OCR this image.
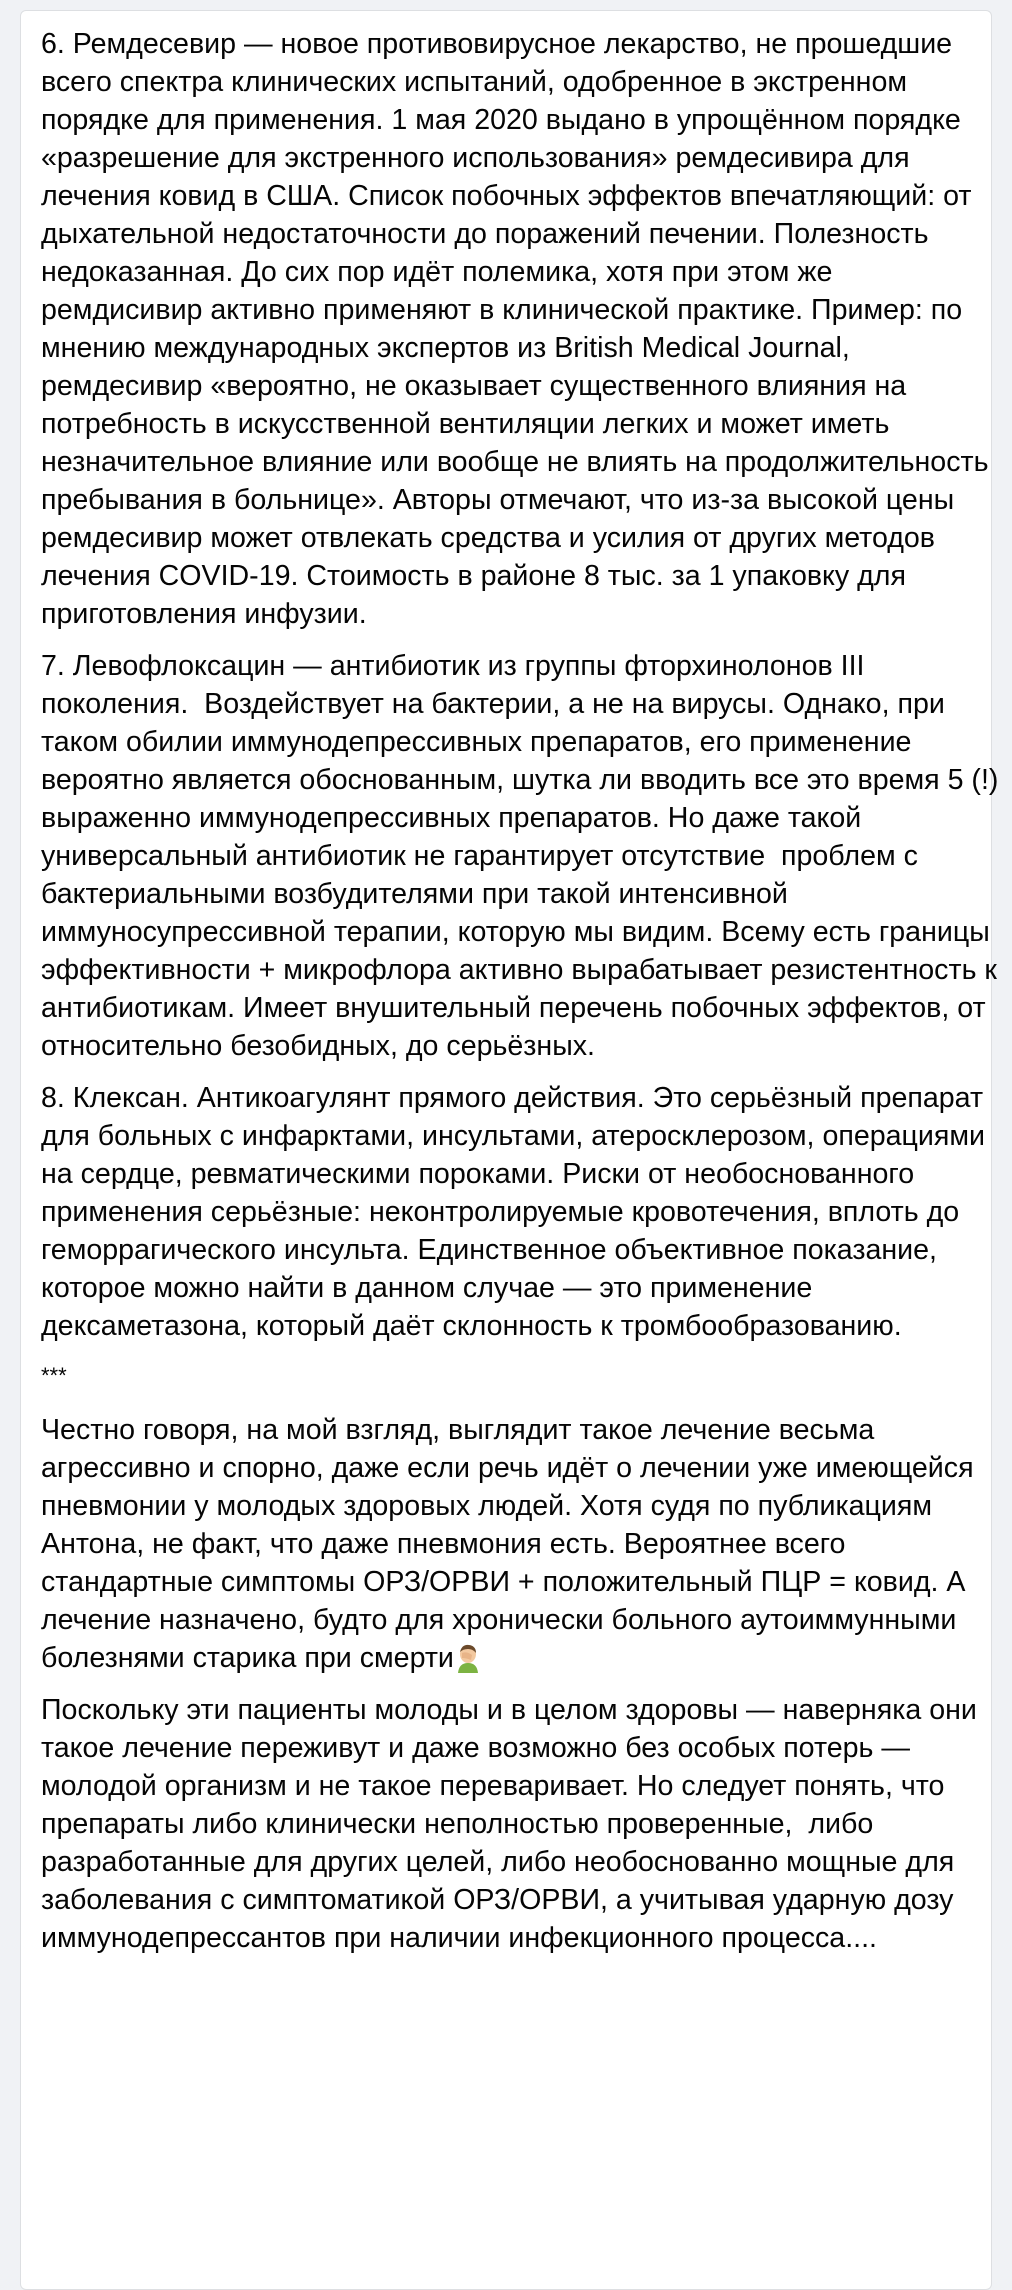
6. Ремдесевир — новое противовирусное лекарство, не прошедшие  всего спектра клинических испытаний, одобренное в экстренном порядке для применения. 1 мая 2020 выдано в упрощённом порядке «разрешение для экстренного использования» ремдесивира для лечения ковид в США. Список побочных эффектов впечатляющий: от дыхательной недостаточности до поражений печении. Полезность недоказанная. До сих пор идёт полемика, хотя при этом же ремдисивир активно применяют в клинической практике. Пример: по мнению международных экспертов из British Medical Journal, ремдесивир «вероятно, не оказывает существенного влияния на потребность в искусственной вентиляции легких и может иметь незначительное влияние или вообще не влиять на продолжительность пребывания в больнице». Авторы отмечают, что из-за высокой цены ремдесивир может отвлекать средства и усилия от других методов лечения COVID-19. Стоимость в районе 8 тыс. за 1 упаковку для приготовления инфузии.

7. Левофлоксацин — антибиотик из группы фторхинолонов III поколения.  Воздействует на бактерии, а не на вирусы. Однако, при таком обилии иммунодепрессивных препаратов, его применение вероятно является обоснованным, шутка ли вводить все это время 5 (!) выраженно иммунодепрессивных препаратов. Но даже такой универсальный антибиотик не гарантирует отсутствие  проблем с бактериальными возбудителями при такой интенсивной иммуносупрессивной терапии, которую мы видим. Всему есть границы эффективности + микрофлора активно вырабатывает резистентность к антибиотикам. Имеет внушительный перечень побочных эффектов, от относительно безобидных, до серьёзных.

8. Клексан. Антикоагулянт прямого действия. Это серьёзный препарат для больных с инфарктами, инсультами, атеросклерозом, операциями на сердце, ревматическими пороками. Риски от необоснованного применения серьёзные: неконтролируемые кровотечения, вплоть до геморрагического инсульта. Единственное объективное показание, которое можно найти в данном случае — это применение дексаметазона, который даёт склонность к тромбообразованию.

***

Честно говоря, на мой взгляд, выглядит такое лечение весьма агрессивно и спорно, даже если речь идёт о лечении уже имеющейся пневмонии у молодых здоровых людей. Хотя судя по публикациям Антона, не факт, что даже пневмония есть. Вероятнее всего стандартные симптомы ОРЗ/ОРВИ + положительный ПЦР = ковид. А лечение назначено, будто для хронически больного аутоиммунными болезнями старика при смерти

Поскольку эти пациенты молоды и в целом здоровы — наверняка они такое лечение переживут и даже возможно без особых потерь — молодой организм и не такое переваривает. Но следует понять, что препараты либо клинически неполностью проверенные,  либо разработанные для других целей, либо необоснованно мощные для заболевания с симптоматикой ОРЗ/ОРВИ, а учитывая ударную дозу иммунодепрессантов при наличии инфекционного процесса....
